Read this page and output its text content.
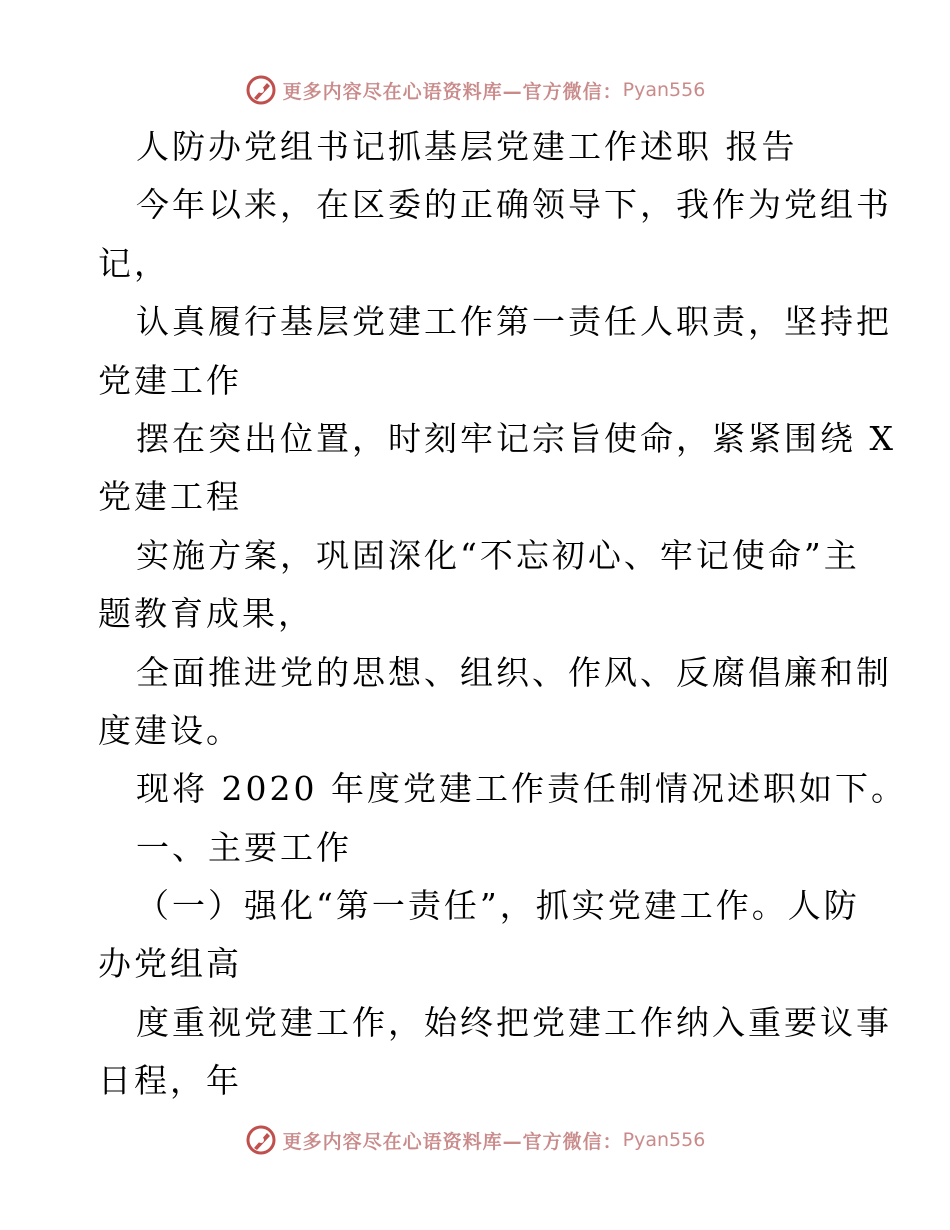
更多内容尽在心语资料库—官方微信： Pyan556
人防办党组书记抓基层党建工作述职 报告
今年以来，在区委的正确领导下，我作为党组书
记，
认真履行基层党建工作第一责任人职责，坚持把
党建工作
摆在突出位置，时刻牢记宗旨使命，紧紧围绕 X
党建工程
实施方案，巩固深化“不忘初心、牢记使命”主
题教育成果，
全面推进党的思想、组织、作风、反腐倡廉和制
度建设。
现将 2020 年度党建工作责任制情况述职如下。
一、主要工作
（一）强化“第一责任”，抓实党建工作。人防
办党组高
度重视党建工作，始终把党建工作纳入重要议事
日程，年
更多内容尽在心语资料库—官方微信： Pyan556
